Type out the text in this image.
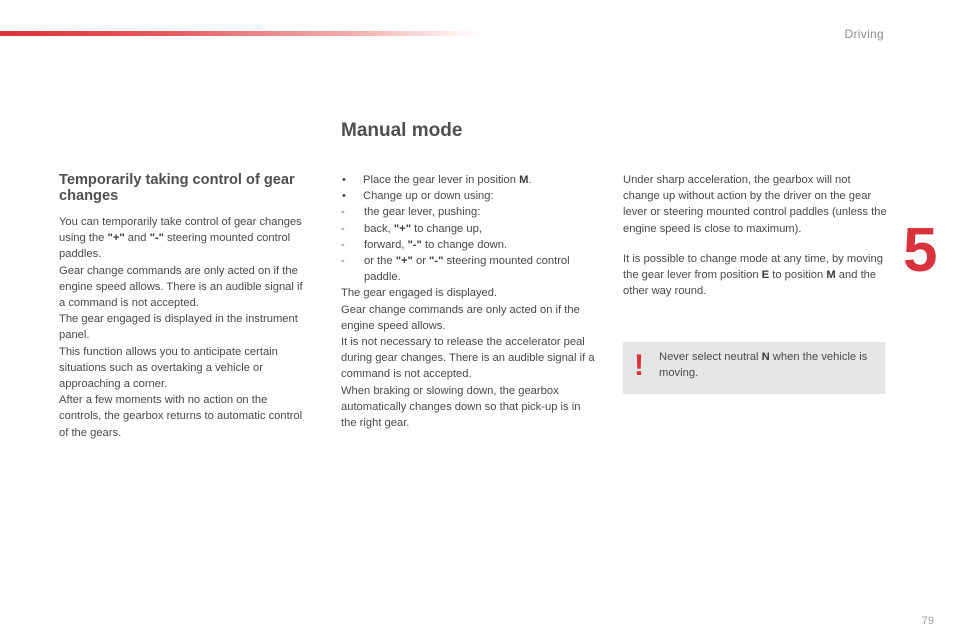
Driving
5
Manual mode
Temporarily taking control of gear changes

You can temporarily take control of gear changes using the "+" and "-" steering mounted control paddles.

Gear change commands are only acted on if the engine speed allows. There is an audible signal if a command is not accepted.

The gear engaged is displayed in the instrument panel.

This function allows you to anticipate certain situations such as overtaking a vehicle or approaching a corner.

After a few moments with no action on the controls, the gearbox returns to automatic control of the gears.

• Place the gear lever in position M.
• Change up or down using:
- the gear lever, pushing:
- back, "+" to change up,
- forward, "-" to change down.
- or the "+" or "-" steering mounted control paddle.

The gear engaged is displayed.

Gear change commands are only acted on if the engine speed allows.

It is not necessary to release the accelerator peal during gear changes. There is an audible signal if a command is not accepted.

When braking or slowing down, the gearbox automatically changes down so that pick-up is in the right gear.

Under sharp acceleration, the gearbox will not change up without action by the driver on the gear lever or steering mounted control paddles (unless the engine speed is close to maximum).

It is possible to change mode at any time, by moving the gear lever from position E to position M and the other way round.

! Never select neutral N when the vehicle is moving.
79
